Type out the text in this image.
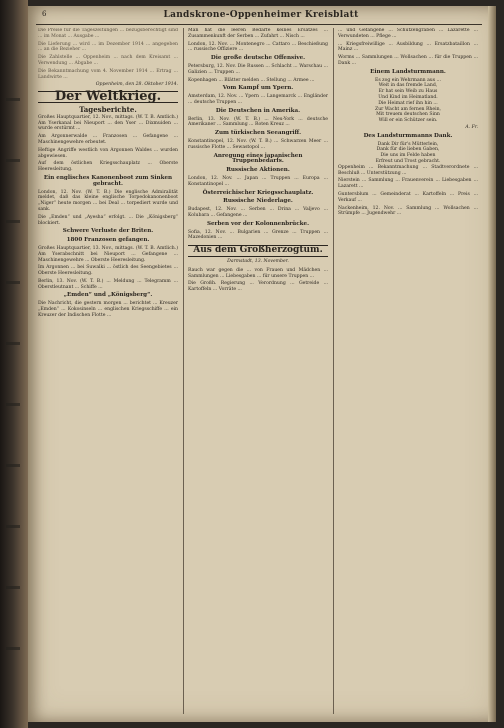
6	Landskrone-Oppenheimer Kreisblatt

Die Preise für die Tageszeitungen ... bezugsberechtigt sind ... im Monat ... Ausgabe ...

Die Lieferung ... wird ... im Dezember 1914 ... angegeben ... an die Bezieher ...

Die Zahlstelle ... Oppenheim ... nach dem Kreisamt ... Verwendung ... Abgabe ...

Die Bekanntmachung vom 4. November 1914 ... Ertrag ... Landwirte ...

Oppenheim, den 28. Oktober 1914.
Der Weltkrieg.
Tagesberichte.

Großes Hauptquartier, 12. Nov., mittags. (W. T. B. Amtlich.) Am Yserkanal bei Nieuport ... den Yser ... Dixmuiden ... wurde erstürmt ...

Am Argonnerwalde ... Franzosen ... Gefangene ... Maschinengewehre erbeutet.

Heftige Angriffe westlich von Argonnen Waldes ... wurden abgewiesen.

Auf dem östlichen Kriegsschauplatz ... Oberste Heeresleitung.

Ein englisches Kanonenboot zum Sinken gebracht.

London, 12. Nov. (W. T. B.) Die englische Admiralität meldet, daß das kleine englische Torpedokanonenboot „Niger“ heute morgen ... bei Deal ... torpediert wurde und sank.

Die „Emden“ und „Ayesha“ erfolgt. ... Die „Königsberg“ blockiert.

Schwere Verluste der Briten.
1800 Franzosen gefangen.

Großes Hauptquartier, 13. Nov., mittags. (W. T. B. Amtlich.) Am Yserabschnitt bei Nieuport ... Gefangene ... Maschinengewehre ... Oberste Heeresleitung.

Im Argonnen ... bei Suwalki ... östlich des Seengebietes ... Oberste Heeresleitung.

Berlin, 13. Nov. (W. T. B.) ... Meldung ... Telegramm ... Oberstleutnant ... Schiffe ...

„Emden“ und „Königsberg“.

Die Nachricht, die gestern morgen ... berichtet ... Kreuzer „Emden“ ... Kokosinseln ... englischen Kriegsschiffe ... ein Kreuzer der Indischen Flotte ...

Man hat die leeren Bedarfe keines Ersatzes ... Zusammenkunft der Serben ... Zufahrt ... Nisch ...

London, 12. Nov. ... Montenegro ... Cattaro ... Beschießung ... russische Offiziere ...

Die große deutsche Offensive.

Petersburg, 12. Nov. Die Russen ... Schlacht ... Warschau ... Galizien ... Truppen ...

Kopenhagen ... Blätter melden ... Stellung ... Armee ...

Vom Kampf um Ypern.

Amsterdam, 12. Nov. ... Ypern ... Langemarck ... Engländer ... deutsche Truppen ...

Die Deutschen in Amerika.

Berlin, 13. Nov. (W. T. B.) ... Neu-York ... deutsche Amerikaner ... Sammlung ... Roten Kreuz ...

Zum türkischen Seeangriff.

Konstantinopel, 12. Nov. (W. T. B.) ... Schwarzen Meer ... russische Flotte ... Sewastopol ...

Anregung eines japanischen Truppenbedarfs.
Russische Aktionen.

London, 12. Nov. ... Japan ... Truppen ... Europa ... Konstantinopel ...

Österreichischer Kriegsschauplatz.
Russische Niederlage.

Budapest, 12. Nov. ... Serben ... Drina ... Valjevo ... Kolubara ... Gefangene ...

Serben vor der Kolonnenbrücke.

Sofia, 12. Nov. ... Bulgarien ... Grenze ... Truppen ... Mazedonien ...

Aus dem Großherzogtum.
Darmstadt, 13. November.

Rauch war gegen die ... von Frauen und Mädchen ... Sammlungen ... Liebesgaben ... für unsere Truppen ...

Die Großh. Regierung ... Verordnung ... Getreide ... Kartoffeln ... Vorräte ...

... und Gefangene ... Schützengräben ... Lazarette ... Verwundeten ... Pflege ...

... Kriegsfreiwillige ... Ausbildung ... Ersatzbataillon ... Mainz ...

Worms ... Sammlungen ... Wollsachen ... für die Truppen ... Dank ...

Einem Landsturmmann.

Es zog ein Wehrmann aus ...

Weit in das fremde Land,

Er hat sein Weib zu Haus

Und Kind im Heimatland.

Die Heimat rief ihn hin ...

Zur Wacht am fernen Rhein,

Mit treuem deutschen Sinn

Will er ein Schützer sein.

A. Fr.
Des Landsturmmanns Dank.

Dank Dir für's Mütterlein,

Dank für die lieben Gaben,

Die uns im Felde haben

Erfreut und Trost gebracht.

Oppenheim ... Bekanntmachung ... Stadtverordnete ... Beschluß ... Unterstützung ...

Nierstein ... Sammlung ... Frauenverein ... Liebesgaben ... Lazarett ...

Guntersblum ... Gemeinderat ... Kartoffeln ... Preis ... Verkauf ...

Nackenheim, 12. Nov. ... Sammlung ... Wollsachen ... Strümpfe ... Jugendwehr ...
